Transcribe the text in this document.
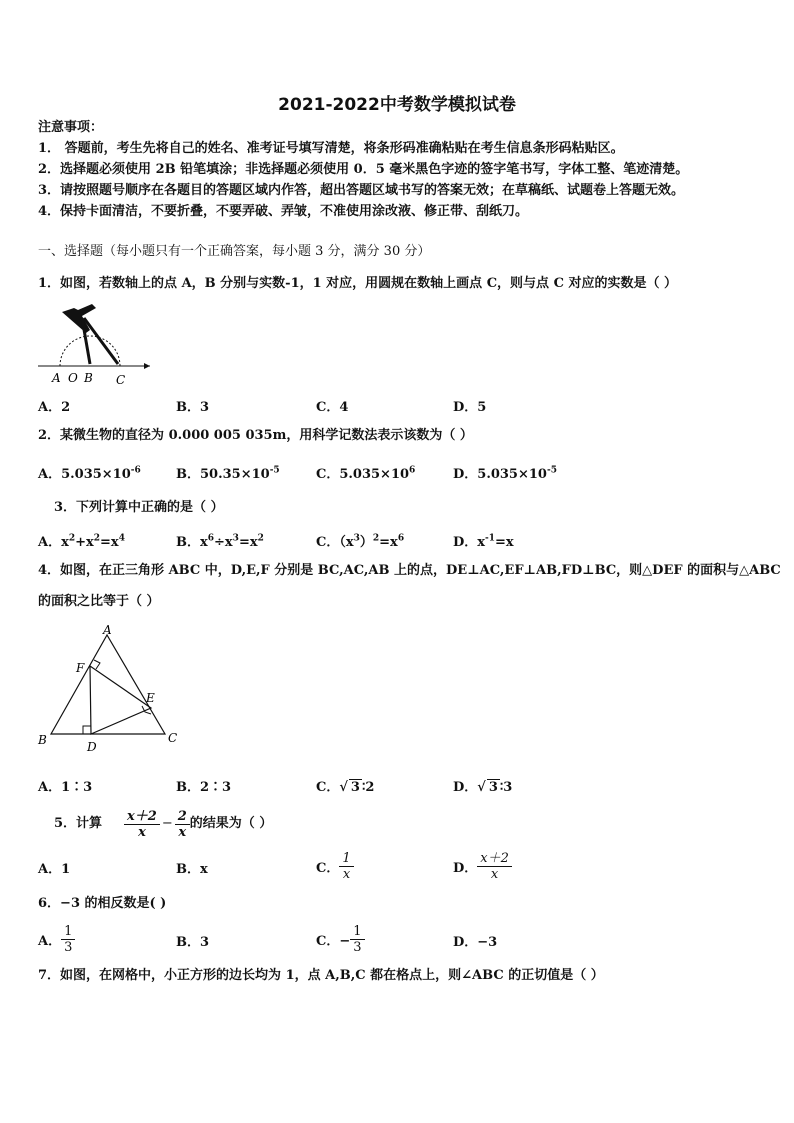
2021-2022中考数学模拟试卷
注意事项：
1． 答题前，考生先将自己的姓名、准考证号填写清楚，将条形码准确粘贴在考生信息条形码粘贴区。
2．选择题必须使用 2B 铅笔填涂；非选择题必须使用 0．5 毫米黑色字迹的签字笔书写，字体工整、笔迹清楚。
3．请按照题号顺序在各题目的答题区域内作答，超出答题区域书写的答案无效；在草稿纸、试题卷上答题无效。
4．保持卡面清洁，不要折叠，不要弄破、弄皱，不准使用涂改液、修正带、刮纸刀。
一、选择题（每小题只有一个正确答案，每小题 3 分，满分 30 分）
1．如图，若数轴上的点 A，B 分别与实数-1，1 对应，用圆规在数轴上画点 C，则与点 C 对应的实数是（ ）
A O B C
A．2	B．3	C．4	D．5
2．某微生物的直径为 0.000 005 035m，用科学记数法表示该数为（ ）
A．$5.035\times 10^{-6}$	B．$50.35\times 10^{-5}$	C．$5.035\times 10^6$	D．$5.035\times 10^{-5}$
3．下列计算中正确的是（ ）
A．$x^2+x^2=x^4$	B．$x^6\div x^3=x^2$	C．$(x^3)^2=x^6$	D．$x^{-1}=x$
4．如图，在正三角形 ABC 中，D,E,F 分别是 BC,AC,AB 上的点，DE⊥AC,EF⊥AB,FD⊥BC，则△DEF 的面积与△ABC
的面积之比等于（ ）
A
B	C
D
E
F
A．1∶3	B．2∶3	C．√ 3 ∶2	D．√ 3 ∶3
5．计算 $\frac{x+2}{x} - \frac{2}{x}$ 的结果为（ ）
A．1	B．x	C． $\frac{1}{x}$	D． $\frac{x+2}{x}$
6．−3 的相反数是( )
A． $\frac{1}{3}$	B．3	C．− $\frac{1}{3}$	D．−3
7．如图，在网格中，小正方形的边长均为 1，点 A,B,C 都在格点上，则∠ABC 的正切值是（ ）
